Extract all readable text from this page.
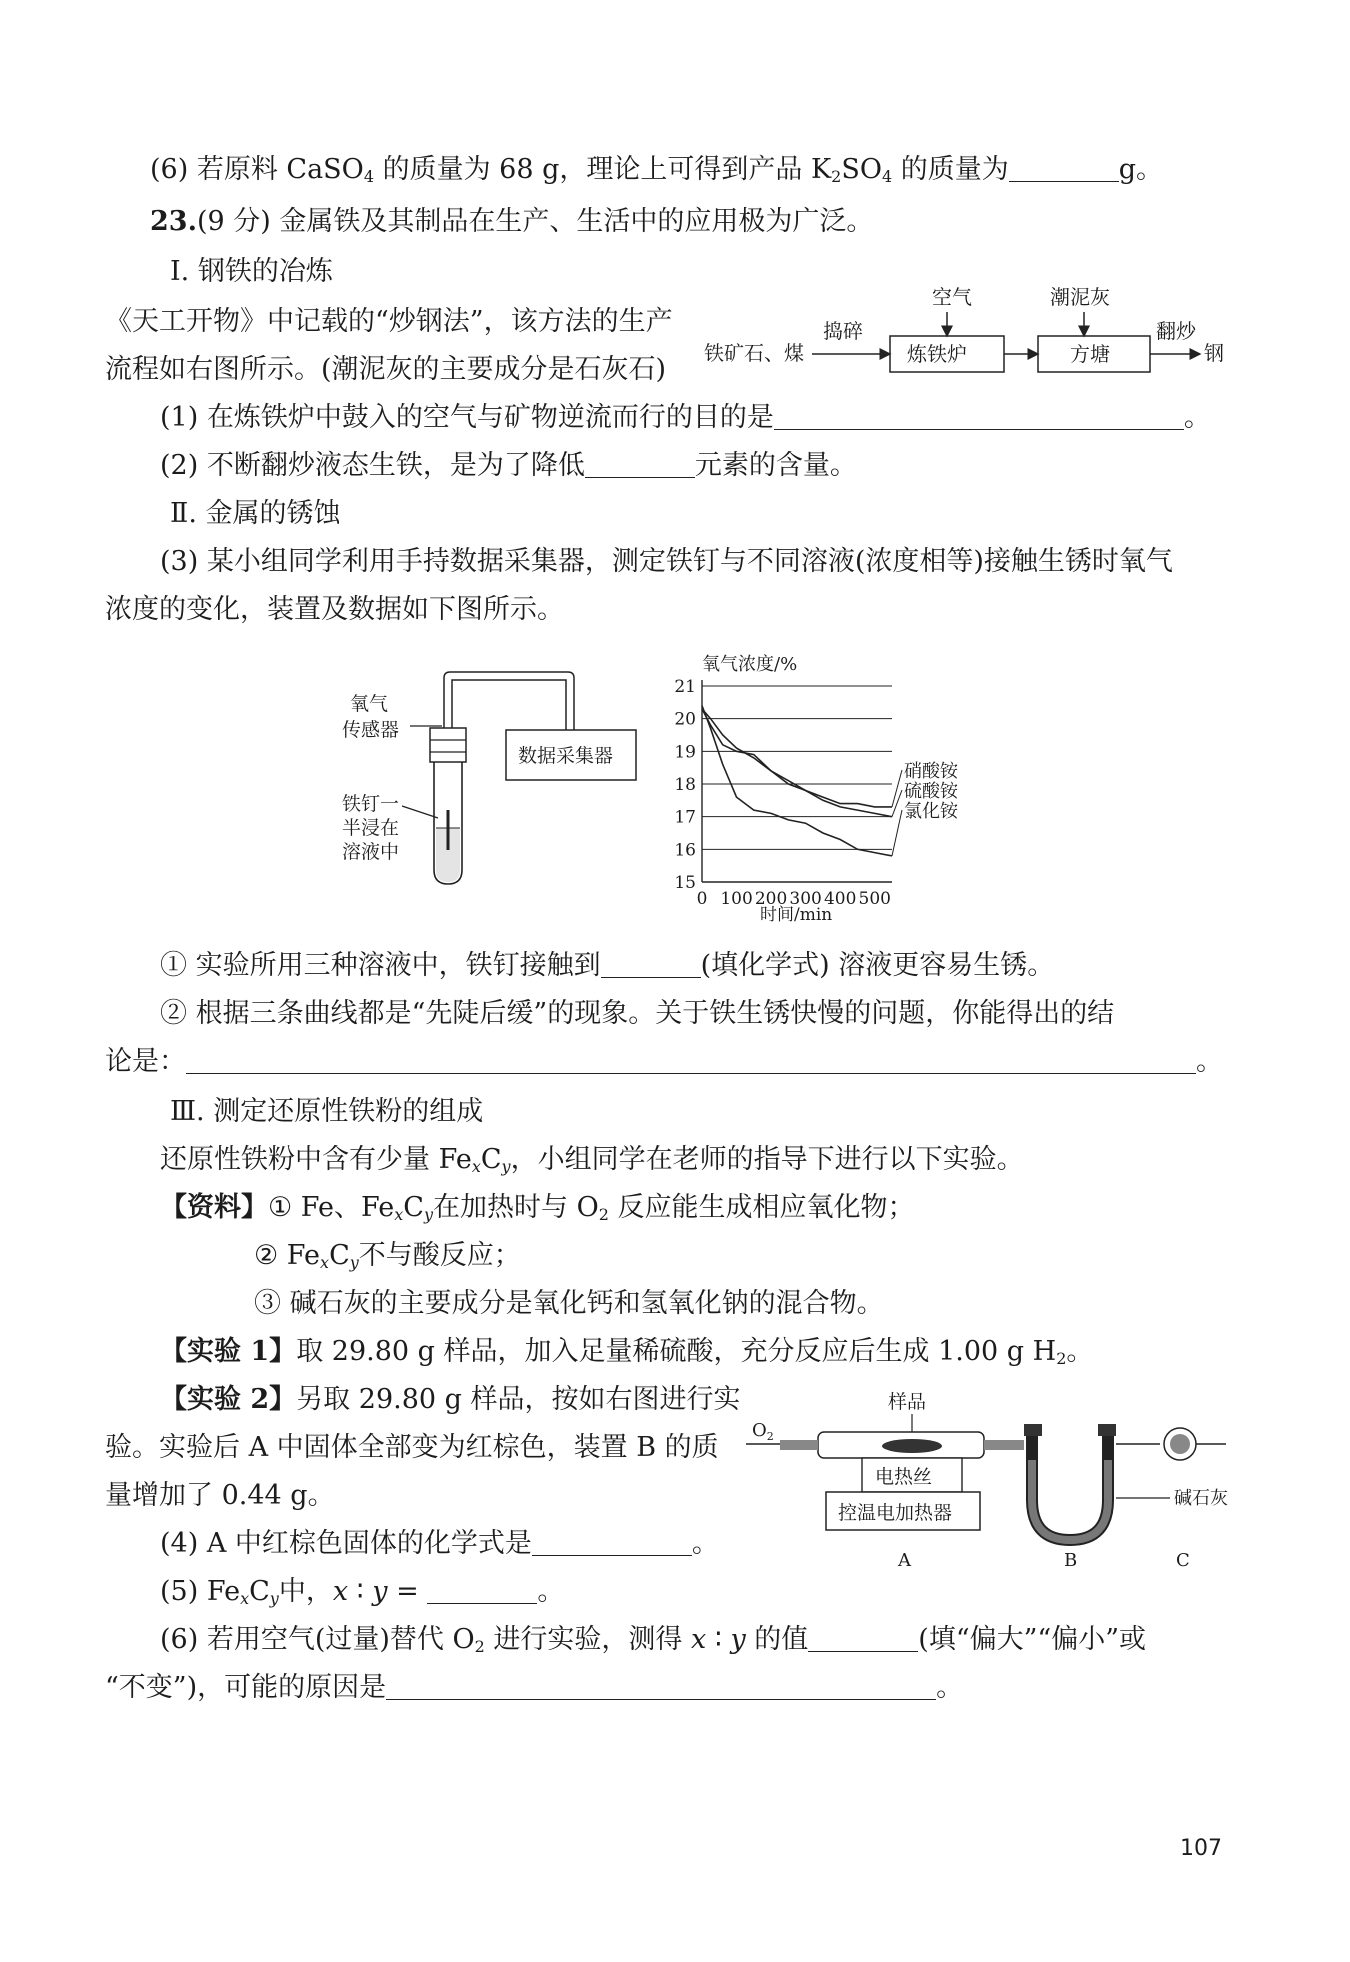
(6) 若原料 CaSO$_4$ 的质量为 68 g，理论上可得到产品 $K_2SO_4$ 的质量为	g。
23.(9 分) 金属铁及其制品在生产、生活中的应用极为广泛。
Ⅰ. 钢铁的冶炼
《天工开物》中记载的“炒钢法”，该方法的生产
流程如右图所示。(潮泥灰的主要成分是石灰石)
空气	潮泥灰
捣碎
铁矿石、煤	炼铁炉	方塘
翻炒
钢
(1) 在炼铁炉中鼓入的空气与矿物逆流而行的目的是	。
(2) 不断翻炒液态生铁，是为了降低	元素的含量。
Ⅱ. 金属的锈蚀
(3) 某小组同学利用手持数据采集器，测定铁钉与不同溶液(浓度相等)接触生锈时氧气
浓度的变化，装置及数据如下图所示。
氧气
传感器
铁钉一
半浸在
溶液中
数据采集器
氧气浓度/%
时间/min
15
16
17
18
19
20
21
0 100 200 300 400 500
硝酸铵
硫酸铵
氯化铵
① 实验所用三种溶液中，铁钉接触到	(填化学式) 溶液更容易生锈。
② 根据三条曲线都是“先陡后缓”的现象。关于铁生锈快慢的问题，你能得出的结
论是：	。
Ⅲ. 测定还原性铁粉的组成
还原性铁粉中含有少量 $Fe_xC_y$，小组同学在老师的指导下进行以下实验。
【资料】① Fe、$Fe_xC_y$在加热时与 $O_2$ 反应能生成相应氧化物；
② $Fe_xC_y$不与酸反应；
③ 碱石灰的主要成分是氧化钙和氢氧化钠的混合物。
【实验 1】取 29.80 g 样品，加入足量稀硫酸，充分反应后生成 1.00 g $H_2$。
【实验 2】另取 29.80 g 样品，按如右图进行实
验。实验后 A 中固体全部变为红棕色，装置 B 的质
量增加了 0.44 g。
$O_2$
样品
电热丝
控温电加热器
碱石灰
A	B	C
(4) A 中红棕色固体的化学式是	。
(5) $Fe_xC_y$中，x ∶ y =	。
(6) 若用空气(过量)替代 $O_2$ 进行实验，测得 x ∶ y 的值	(填“偏大”“偏小”或
“不变”)，可能的原因是	。
107
